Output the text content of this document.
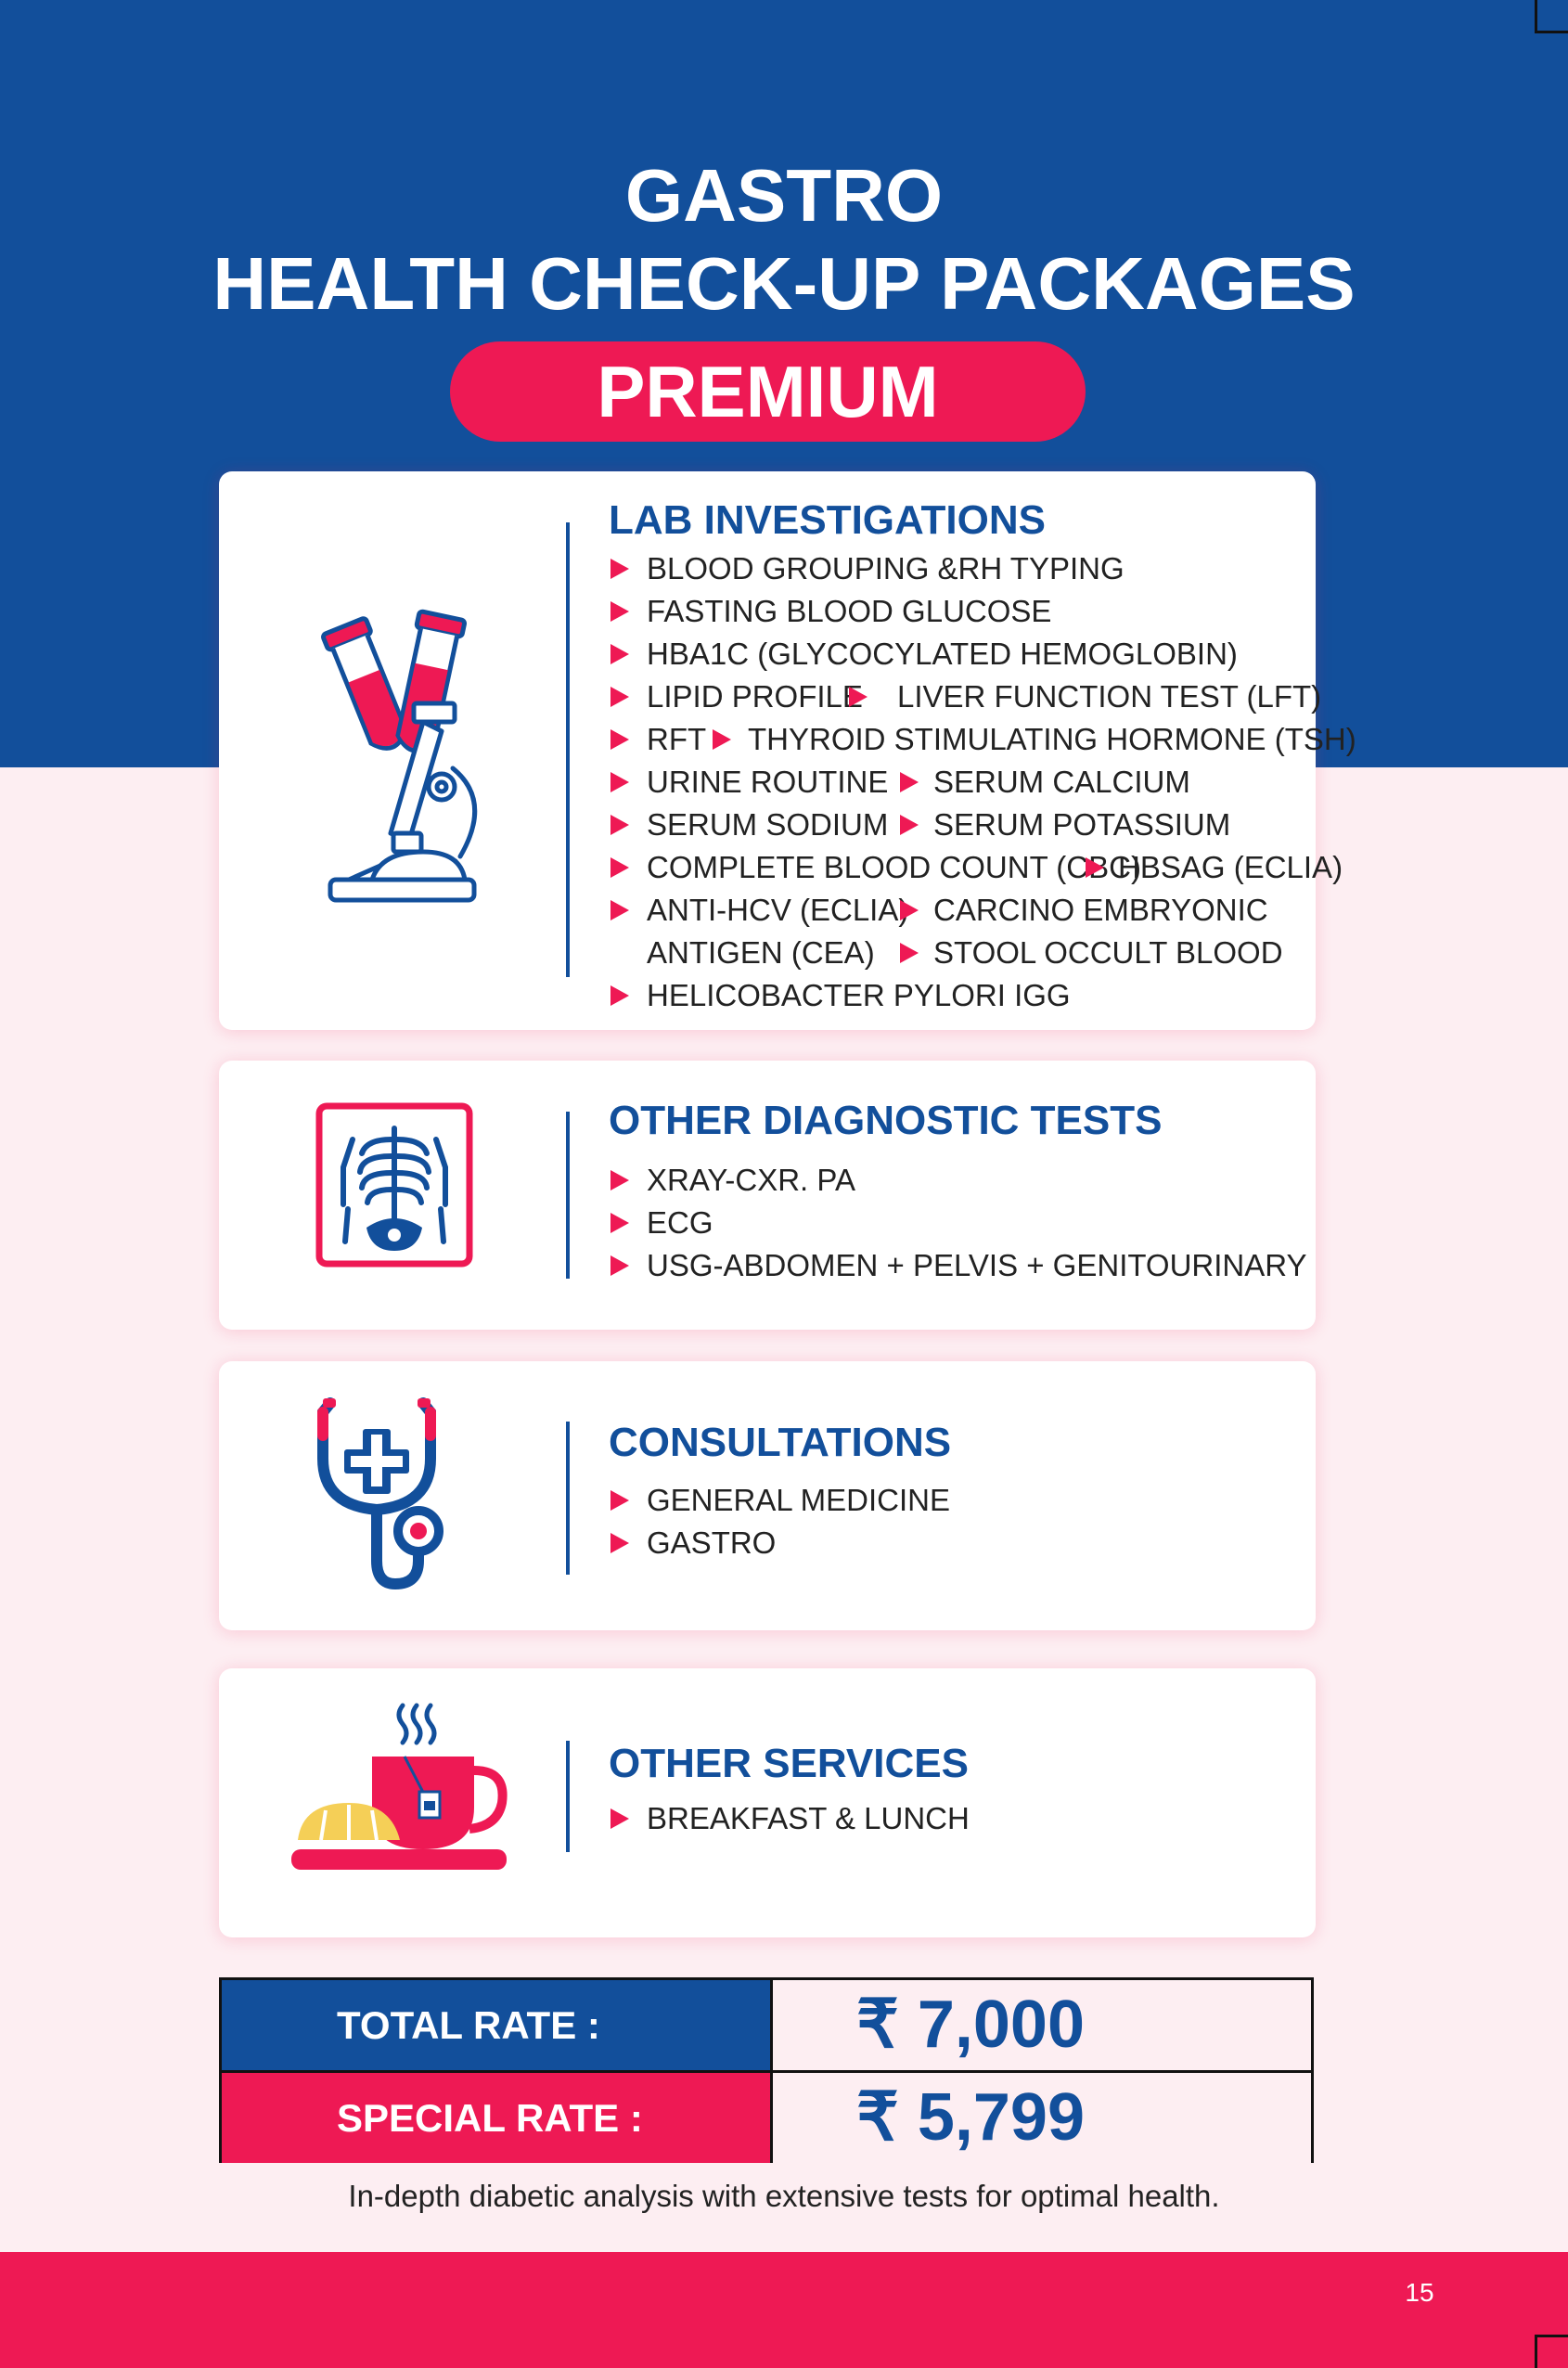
GASTRO
HEALTH CHECK-UP PACKAGES
PREMIUM
LAB INVESTIGATIONS
BLOOD GROUPING &RH TYPING
FASTING BLOOD GLUCOSE
HBA1C (GLYCOCYLATED HEMOGLOBIN)
LIPID PROFILE LIVER FUNCTION TEST (LFT)
RFT THYROID STIMULATING HORMONE (TSH)
URINE ROUTINE SERUM CALCIUM
SERUM SODIUM SERUM POTASSIUM
COMPLETE BLOOD COUNT (CBC)
HBSAG (ECLIA)
ANTI-HCV (ECLIA) CARCINO EMBRYONIC
ANTIGEN (CEA) STOOL OCCULT BLOOD
HELICOBACTER PYLORI IGG
OTHER DIAGNOSTIC TESTS
XRAY-CXR. PA
ECG
USG-ABDOMEN + PELVIS + GENITOURINARY
CONSULTATIONS
GENERAL MEDICINE
GASTRO
OTHER SERVICES
BREAKFAST & LUNCH
TOTAL RATE :	₹ 7,000
SPECIAL RATE :	₹ 5,799
In-depth diabetic analysis with extensive tests for optimal health.
15
